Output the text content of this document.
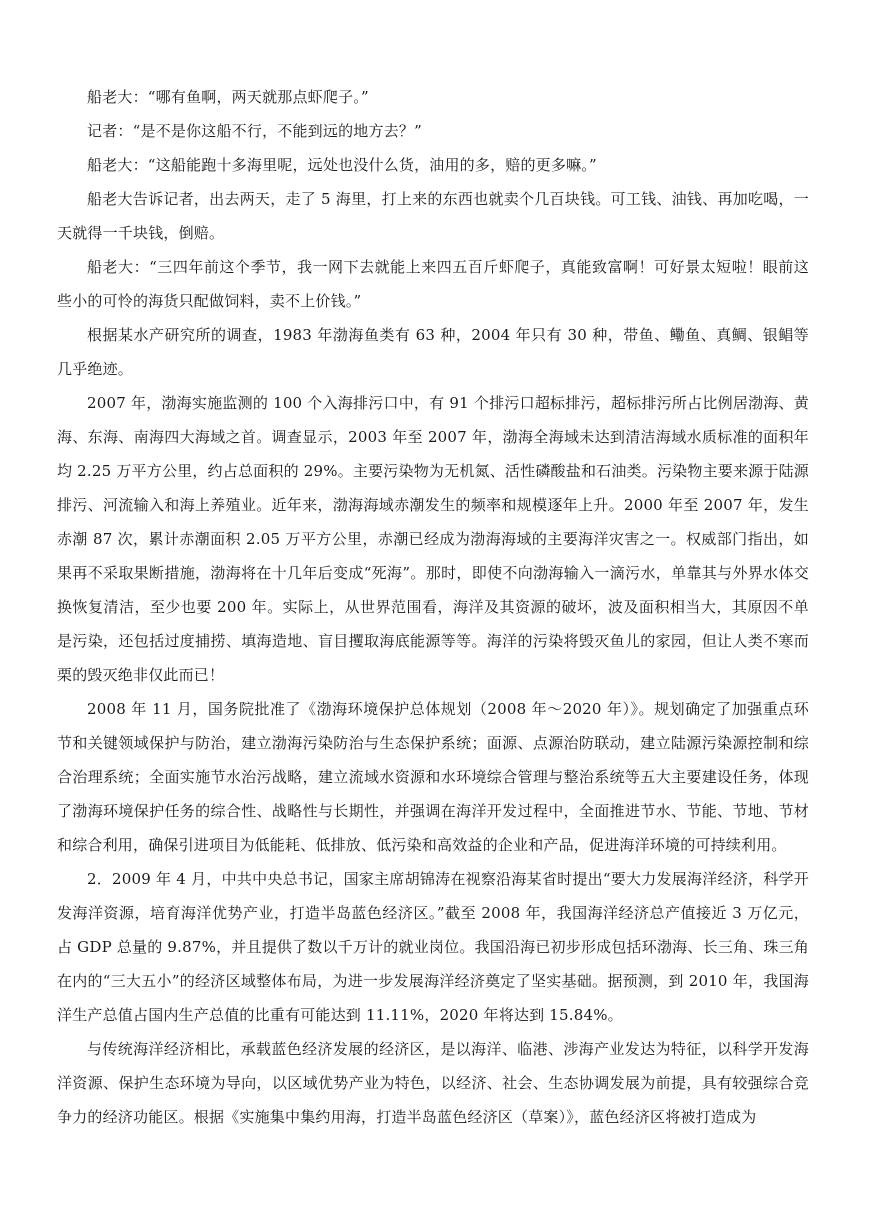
船老大：“哪有鱼啊，两天就那点虾爬子。”

记者：“是不是你这船不行，不能到远的地方去？”

船老大：“这船能跑十多海里呢，远处也没什么货，油用的多，赔的更多嘛。”

船老大告诉记者，出去两天，走了 5 海里，打上来的东西也就卖个几百块钱。可工钱、油钱、再加吃喝，一天就得一千块钱，倒赔。

船老大：“三四年前这个季节，我一网下去就能上来四五百斤虾爬子，真能致富啊！可好景太短啦！眼前这些小的可怜的海货只配做饲料，卖不上价钱。”

根据某水产研究所的调查，1983 年渤海鱼类有 63 种，2004 年只有 30 种，带鱼、鳓鱼、真鲷、银鲳等几乎绝迹。

2007 年，渤海实施监测的 100 个入海排污口中，有 91 个排污口超标排污，超标排污所占比例居渤海、黄海、东海、南海四大海域之首。调查显示，2003 年至 2007 年，渤海全海域未达到清洁海域水质标准的面积年均 2.25 万平方公里，约占总面积的 29%。主要污染物为无机氮、活性磷酸盐和石油类。污染物主要来源于陆源排污、河流输入和海上养殖业。近年来，渤海海域赤潮发生的频率和规模逐年上升。2000 年至 2007 年，发生赤潮 87 次，累计赤潮面积 2.05 万平方公里，赤潮已经成为渤海海域的主要海洋灾害之一。权威部门指出，如果再不采取果断措施，渤海将在十几年后变成“死海”。那时，即使不向渤海输入一滴污水，单靠其与外界水体交换恢复清洁，至少也要 200 年。实际上，从世界范围看，海洋及其资源的破坏，波及面积相当大，其原因不单是污染，还包括过度捕捞、填海造地、盲目攫取海底能源等等。海洋的污染将毁灭鱼儿的家园，但让人类不寒而栗的毁灭绝非仅此而已！

2008 年 11 月，国务院批准了《渤海环境保护总体规划（2008 年～2020 年）》。规划确定了加强重点环节和关键领域保护与防治，建立渤海污染防治与生态保护系统；面源、点源治防联动，建立陆源污染源控制和综合治理系统；全面实施节水治污战略，建立流域水资源和水环境综合管理与整治系统等五大主要建设任务，体现了渤海环境保护任务的综合性、战略性与长期性，并强调在海洋开发过程中，全面推进节水、节能、节地、节材和综合利用，确保引进项目为低能耗、低排放、低污染和高效益的企业和产品，促进海洋环境的可持续利用。

2．2009 年 4 月，中共中央总书记，国家主席胡锦涛在视察沿海某省时提出“要大力发展海洋经济，科学开发海洋资源，培育海洋优势产业，打造半岛蓝色经济区。”截至 2008 年，我国海洋经济总产值接近 3 万亿元，占 GDP 总量的 9.87%，并且提供了数以千万计的就业岗位。我国沿海已初步形成包括环渤海、长三角、珠三角在内的“三大五小”的经济区域整体布局，为进一步发展海洋经济奠定了坚实基础。据预测，到 2010 年，我国海洋生产总值占国内生产总值的比重有可能达到 11.11%，2020 年将达到 15.84%。

与传统海洋经济相比，承载蓝色经济发展的经济区，是以海洋、临港、涉海产业发达为特征，以科学开发海洋资源、保护生态环境为导向，以区域优势产业为特色，以经济、社会、生态协调发展为前提，具有较强综合竞争力的经济功能区。根据《实施集中集约用海，打造半岛蓝色经济区（草案）》，蓝色经济区将被打造成为
